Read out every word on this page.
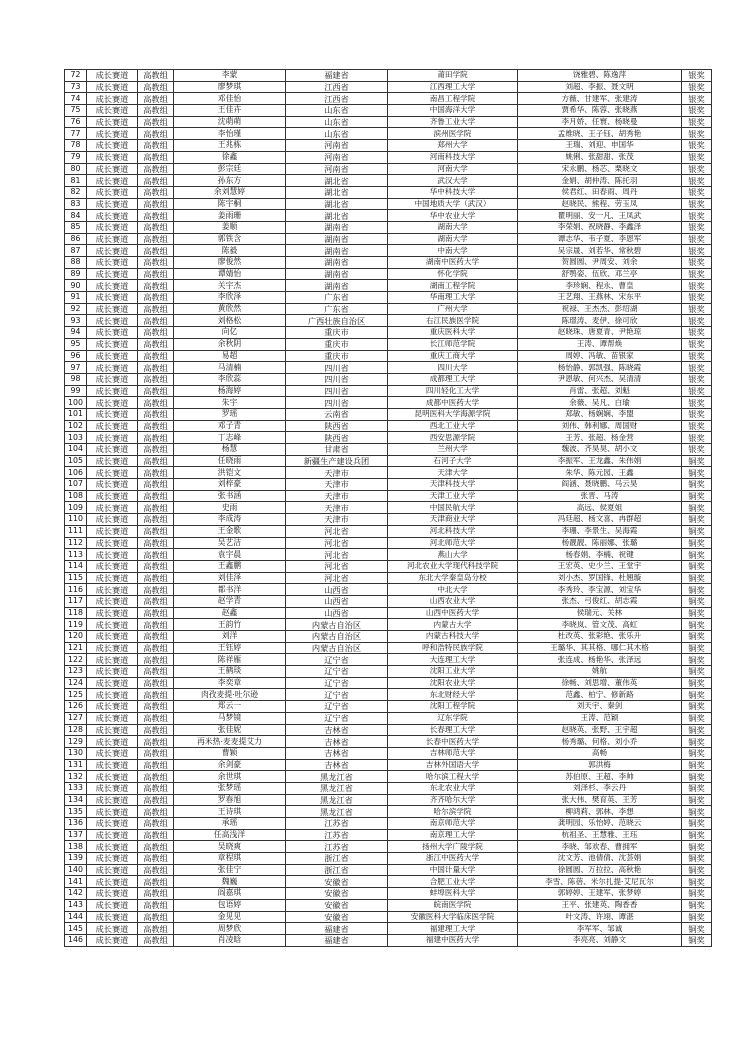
72	成长赛道	高教组	李蒙	福建省	莆田学院	饶雅碧、陈逸萍	银奖
73	成长赛道	高教组	廖梦琪	江西省	江西理工大学	刘超、李振、聂文明	银奖
74	成长赛道	高教组	邓佳怡	江西省	南昌工程学院	方薇、甘建军、张建涛	银奖
75	成长赛道	高教组	王佳卉	山东省	中国海洋大学	贾希华、陈蓉、张晓燕	银奖
76	成长赛道	高教组	沈萌萌	山东省	齐鲁工业大学	李月娇、任寰、杨晓曼	银奖
77	成长赛道	高教组	李怡瑾	山东省	滨州医学院	孟维晓、王子钰、胡秀艳	银奖
78	成长赛道	高教组	王兆栋	河南省	郑州大学	王瑞、刘迎、申国华	银奖
79	成长赛道	高教组	徐鑫	河南省	河南科技大学	姚俐、张甜甜、张茂	银奖
80	成长赛道	高教组	彭宗廷	河南省	河南大学	宋永鹏、杨芯、栗晓文	银奖
81	成长赛道	高教组	孙东方	湖北省	武汉大学	金娟、胡仲涛、陈托羽	银奖
82	成长赛道	高教组	余刘慧婷	湖北省	华中科技大学	侯君红、田春雨、周丹	银奖
83	成长赛道	高教组	陈宇桐	湖北省	中国地质大学（武汉）	赵晓民、熊程、劳玉凤	银奖
84	成长赛道	高教组	姜雨珊	湖北省	华中农业大学	瞿明丽、安一凡、王凤武	银奖
85	成长赛道	高教组	姜顺	湖南省	湖南大学	李荣娟、祝晓静、李鑫泽	银奖
86	成长赛道	高教组	郭铁含	湖南省	湖南大学	谭志华、韦子夏、李恩军	银奖
87	成长赛道	高教组	陈毅	湖南省	中南大学	吴宗晟、刘若华、常秋碧	银奖
88	成长赛道	高教组	廖俊然	湖南省	湖南中医药大学	贺圆圆、尹周安、刘余	银奖
89	成长赛道	高教组	谭婧怡	湖南省	怀化学院	舒鹗姿、伍欣、邓兰亭	银奖
90	成长赛道	高教组	关宇杰	湖南省	湖南工程学院	李珍娴、程永、曹皇	银奖
91	成长赛道	高教组	李欣泽	广东省	华南理工大学	王艺翔、王燕林、宋东平	银奖
92	成长赛道	高教组	黄欣然	广东省	广州大学	祝禄、王杰杰、彭绍湖	银奖
93	成长赛道	高教组	刘格松	广西壮族自治区	右江民族医学院	陈璟涛、麦伊、徐可欣	银奖
94	成长赛道	高教组	向亿	重庆市	重庆医科大学	赵晓珠、唐夏青、尹艳琼	银奖
95	成长赛道	高教组	余秋阴	重庆市	长江师范学院	王涛、谭帮焕	银奖
96	成长赛道	高教组	易超	重庆市	重庆工商大学	周婷、冯敏、苗银家	银奖
97	成长赛道	高教组	马清楠	四川省	四川大学	杨怡静、郭凯强、陈晓霞	银奖
98	成长赛道	高教组	李欣蕊	四川省	成都理工大学	尹恩敏、何兴杰、吴清清	银奖
99	成长赛道	高教组	杨海婷	四川省	四川轻化工大学	肖雷、张超、刘魁	银奖
100	成长赛道	高教组	朱宇	四川省	成都中医药大学	余薇、吴凡、白瑜	银奖
101	成长赛道	高教组	罗瑶	云南省	昆明医科大学海源学院	郑敏、杨娴娴、李盟	银奖
102	成长赛道	高教组	邓子青	陕西省	西北工业大学	刘伟、韩利娜、周国财	银奖
103	成长赛道	高教组	丁志峰	陕西省	西安思源学院	王芳、张超、杨金营	银奖
104	成长赛道	高教组	杨慧	甘肃省	兰州大学	魏波、齐昊昊、胡小文	银奖
105	成长赛道	高教组	任晓雨	新疆生产建设兵团	石河子大学	李振军、王龙鑫、朱伟娟	铜奖
106	成长赛道	高教组	洪铠文	天津市	天津大学	朱华、陈元园、王鑫	铜奖
107	成长赛道	高教组	刘梓豪	天津市	天津科技大学	阎涵、聂晓鹏、马云昊	铜奖
108	成长赛道	高教组	张书涵	天津市	天津工业大学	张晋、马涛	铜奖
109	成长赛道	高教组	史雨	天津市	中国民航大学	高远、侯夏姐	铜奖
110	成长赛道	高教组	李成涛	天津市	天津商业大学	冯廷超、杨文喜、冉群超	铜奖
111	成长赛道	高教组	王金歌	河北省	河北科技大学	李珊、李景生、吴海霞	铜奖
112	成长赛道	高教组	吴艺洁	河北省	河北师范大学	杨靓靓、陈丽娜、张璐	铜奖
113	成长赛道	高教组	袁宇晨	河北省	燕山大学	杨春娟、李楠、祝键	铜奖
114	成长赛道	高教组	王鑫鹏	河北省	河北农业大学现代科技学院	王宏英、史少兰、王堂宇	铜奖
115	成长赛道	高教组	刘佳泽	河北省	东北大学秦皇岛分校	刘小杰、罗国锋、杜翘璇	铜奖
116	成长赛道	高教组	都书洋	山西省	中北大学	李秀玲、李宝源、刘宝华	铜奖
117	成长赛道	高教组	赵学青	山西省	山西农业大学	张杰、弓俊红、胡志霞	铜奖
118	成长赛道	高教组	赵鑫	山西省	山西中医药大学	侯瑞元、关林	铜奖
119	成长赛道	高教组	王韵竹	内蒙古自治区	内蒙古大学	李晓岚、管文茂、高虹	铜奖
120	成长赛道	高教组	刘洋	内蒙古自治区	内蒙古科技大学	杜改英、张彩艳、张乐升	铜奖
121	成长赛道	高教组	王钰婷	内蒙古自治区	呼和浩特民族学院	王璐华、其其格、哪仁其木格	铜奖
122	成长赛道	高教组	陈祥雁	辽宁省	大连理工大学	张连成、杨艳华、张泽远	铜奖
123	成长赛道	高教组	王鹤琰	辽宁省	沈阳工业大学	姚航	铜奖
124	成长赛道	高教组	李奕章	辽宁省	沈阳农业大学	徐畅、刘思增、董伟英	铜奖
125	成长赛道	高教组	肉孜麦提·吐尔逊	辽宁省	东北财经大学	范鑫、柏宁、修新路	铜奖
126	成长赛道	高教组	郑云一	辽宁省	沈阳工程学院	刘天宇、秦剑	铜奖
127	成长赛道	高教组	马梦镜	辽宁省	辽东学院	王涛、范颖	铜奖
128	成长赛道	高教组	张佳妮	吉林省	长春理工大学	赵晓英、张野、王宇超	铜奖
129	成长赛道	高教组	再米热·麦麦提艾力	吉林省	长春中医药大学	杨秀璐、何格、刘小乔	铜奖
130	成长赛道	高教组	曹颖	吉林省	吉林师范大学	高畅	铜奖
131	成长赛道	高教组	余剑豪	吉林省	吉林外国语大学	郭洪梅	铜奖
132	成长赛道	高教组	余世琪	黑龙江省	哈尔滨工程大学	苏伯原、王超、李帅	铜奖
133	成长赛道	高教组	张梦瑶	黑龙江省	东北农业大学	刘泽杉、李云丹	铜奖
134	成长赛道	高教组	罗春旭	黑龙江省	齐齐哈尔大学	张大伟、樊育英、王芳	铜奖
135	成长赛道	高教组	王诗琪	黑龙江省	哈尔滨学院	柳鸿莉、郭林、李想	铜奖
136	成长赛道	高教组	承瑶	江苏省	南京师范大学	龚明园、乐怡婷、范晓云	铜奖
137	成长赛道	高教组	任高浅洋	江苏省	南京理工大学	杭祖圣、王慧雅、王珏	铜奖
138	成长赛道	高教组	吴晓爽	江苏省	扬州大学广陵学院	李晓、邹欢春、曹拥军	铜奖
139	成长赛道	高教组	章程琪	浙江省	浙江中医药大学	沈文芳、池倩倩、沈荟娟	铜奖
140	成长赛道	高教组	张佳宁	浙江省	中国计量大学	徐圆圆、万拉拉、高秋艳	铜奖
141	成长赛道	高教组	魏巍	安徽省	合肥工业大学	李雪、陈蓓、米尔扎提·艾尼瓦尔	铜奖
142	成长赛道	高教组	阎嘉琪	安徽省	蚌埠医科大学	郭婷婷、王建军、张梦婷	铜奖
143	成长赛道	高教组	包语婷	安徽省	皖南医学院	王平、张建英、陶香香	铜奖
144	成长赛道	高教组	金见见	安徽省	安徽医科大学临床医学院	叶文涛、许翊、谭湛	铜奖
145	成长赛道	高教组	周梦欣	福建省	福建理工大学	李军军、邹诚	铜奖
146	成长赛道	高教组	肖凌晗	福建省	福建中医药大学	李亮亮、刘静文	铜奖
